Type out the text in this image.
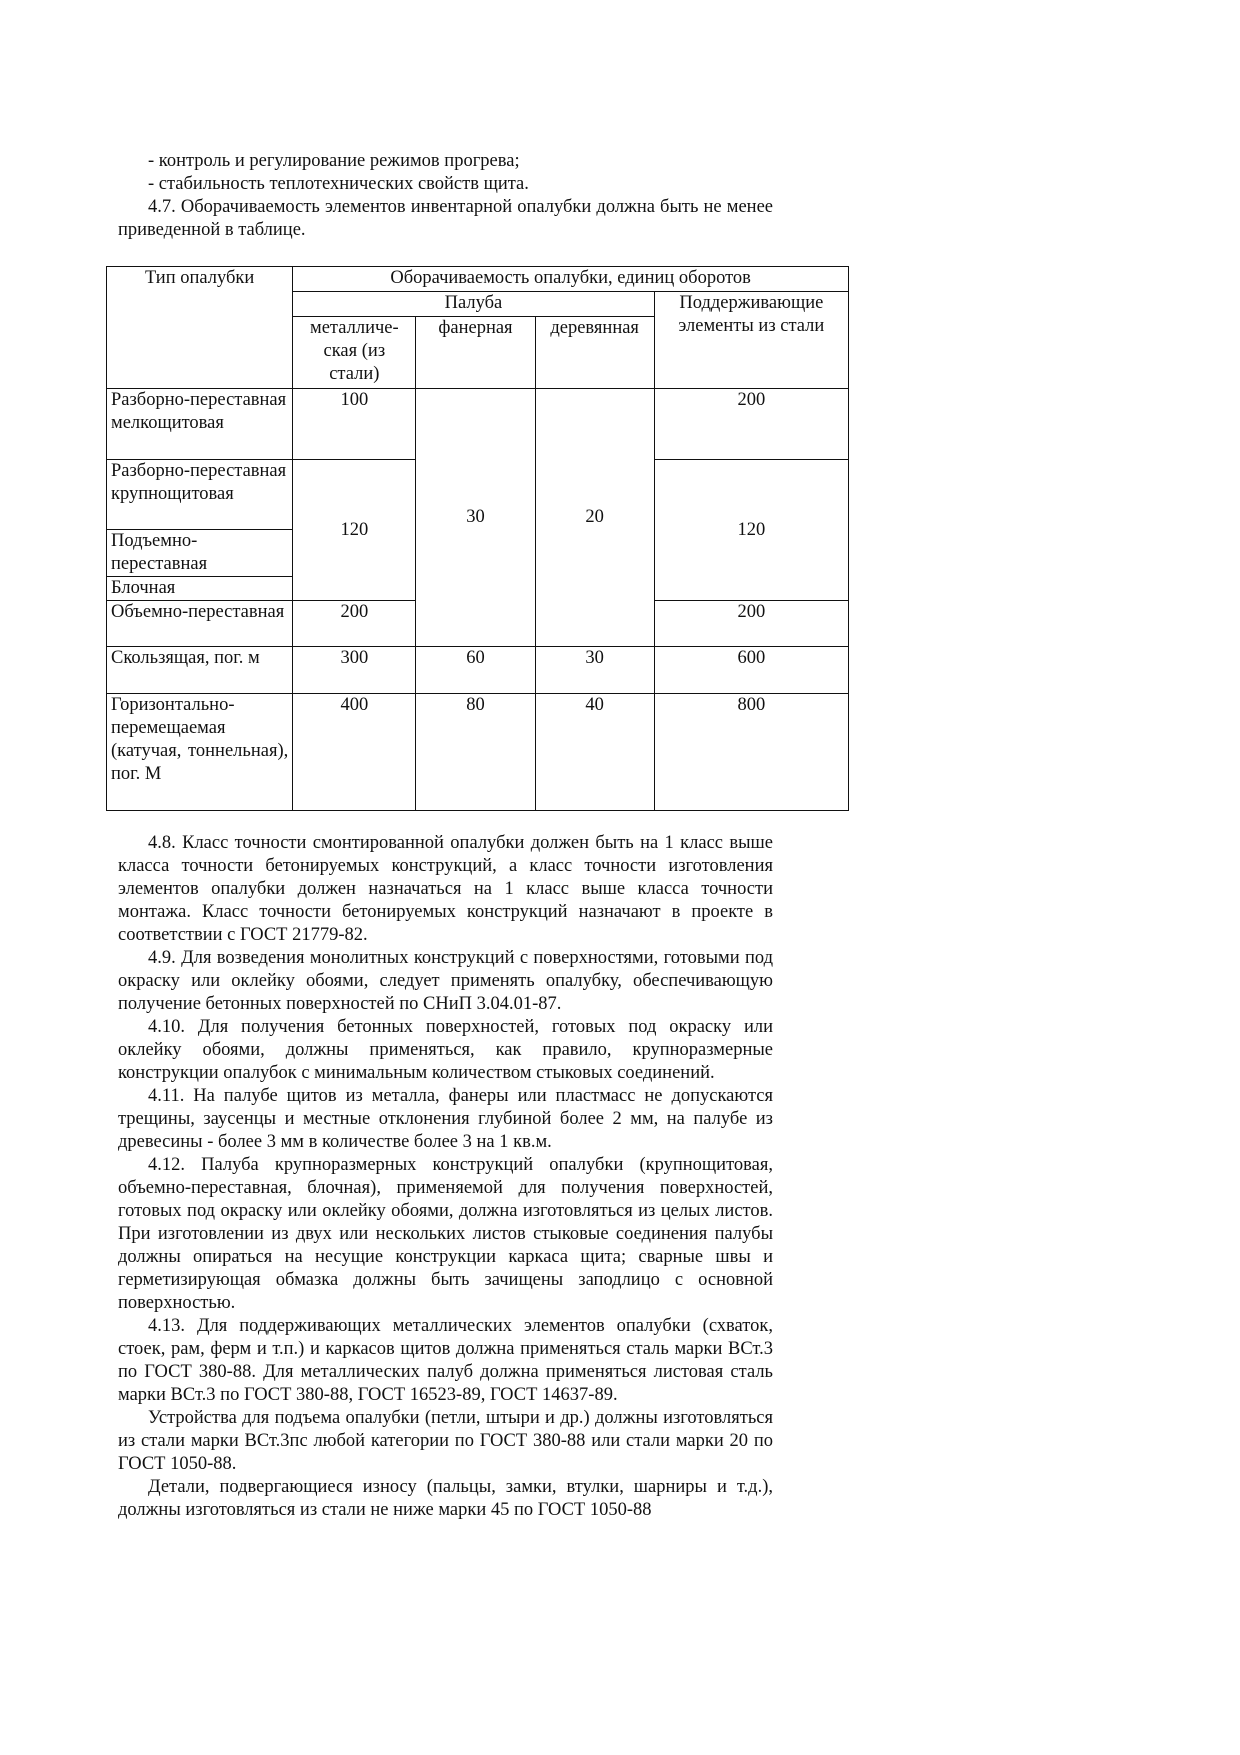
- контроль и регулирование режимов прогрева;

- стабильность теплотехнических свойств щита.

4.7. Оборачиваемость элементов инвентарной опалубки должна быть не менее приведенной в таблице.

Тип опалубки	Оборачиваемость опалубки, единиц оборотов			
	Палуба			Поддерживающие элементы из стали
	металлическая (из стали)	фанерная	деревянная	
Разборно-переставная мелкощитовая	100	30	20	200
Разборно-переставнаякрупнощитовая	120			120
Подъемно-переставная				
Блочная				
Объемно-переставная	200			200
Скользящая, пог. м	300	60	30	600
Горизонтально-перемещаемая (катучая, тоннельная), пог. М	400	80	40	800

4.8. Класс точности смонтированной опалубки должен быть на 1 класс выше класса точности бетонируемых конструкций, а класс точности изготовления элементов опалубки должен назначаться на 1 класс выше класса точности монтажа. Класс точности бетонируемых конструкций назначают в проекте в соответствии с ГОСТ 21779-82.

4.9. Для возведения монолитных конструкций с поверхностями, готовыми под окраску или оклейку обоями, следует применять опалубку, обеспечивающую получение бетонных поверхностей по СНиП 3.04.01-87.

4.10. Для получения бетонных поверхностей, готовых под окраску или оклейку обоями, должны применяться, как правило, крупноразмерные конструкции опалубок с минимальным количеством стыковых соединений.

4.11. На палубе щитов из металла, фанеры или пластмасс не допускаются трещины, заусенцы и местные отклонения глубиной более 2 мм, на палубе из древесины - более 3 мм в количестве более 3 на 1 кв.м.

4.12. Палуба крупноразмерных конструкций опалубки (крупнощитовая, объемно-переставная, блочная), применяемой для получения поверхностей, готовых под окраску или оклейку обоями, должна изготовляться из целых листов. При изготовлении из двух или нескольких листов стыковые соединения палубы должны опираться на несущие конструкции каркаса щита; сварные швы и герметизирующая обмазка должны быть зачищены заподлицо с основной поверхностью.

4.13. Для поддерживающих металлических элементов опалубки (схваток, стоек, рам, ферм и т.п.) и каркасов щитов должна применяться сталь марки ВСт.3 по ГОСТ 380-88. Для металлических палуб должна применяться листовая сталь марки ВСт.3 по ГОСТ 380-88, ГОСТ 16523-89, ГОСТ 14637-89.

Устройства для подъема опалубки (петли, штыри и др.) должны изготовляться из стали марки ВСт.3пс любой категории по ГОСТ 380-88 или стали марки 20 по ГОСТ 1050-88.

Детали, подвергающиеся износу (пальцы, замки, втулки, шарниры и т.д.), должны изготовляться из стали не ниже марки 45 по ГОСТ 1050-88
